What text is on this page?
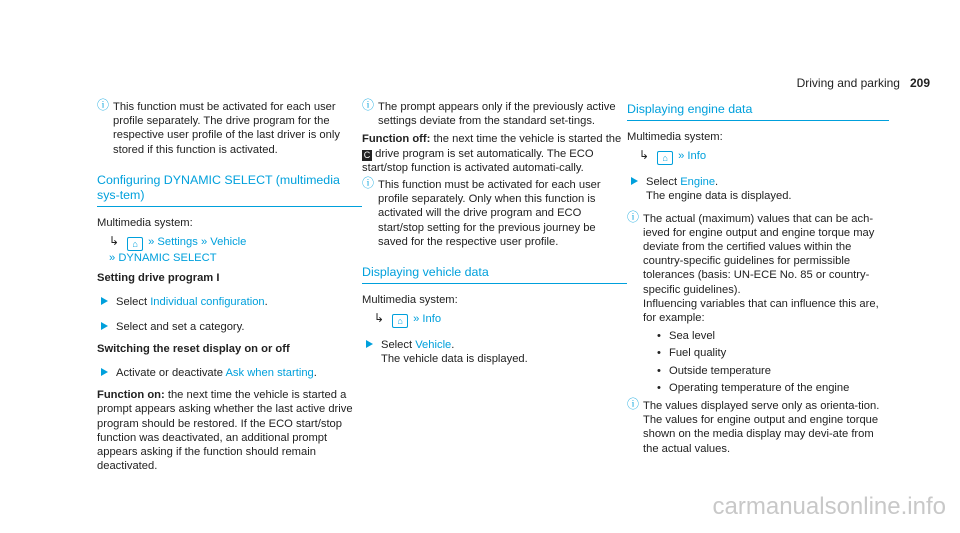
Driving and parking 209
ⓘ This function must be activated for each user profile separately. The drive program for the respective user profile of the last driver is only stored if this function is activated.
Configuring DYNAMIC SELECT (multimedia sys-tem)
Multimedia system:
↳ ⌂ » Settings » Vehicle
» DYNAMIC SELECT
Setting drive program I
Select Individual configuration.
Select and set a category.
Switching the reset display on or off
Activate or deactivate Ask when starting.
Function on: the next time the vehicle is started a prompt appears asking whether the last active drive program should be restored. If the ECO start/stop function was deactivated, an additional prompt appears asking if the function should remain deactivated.
ⓘ The prompt appears only if the previously active settings deviate from the standard set-tings.
Function off: the next time the vehicle is started the C drive program is set automatically. The ECO start/stop function is activated automati-cally.
ⓘ This function must be activated for each user profile separately. Only when this function is activated will the drive program and ECO start/stop setting for the previous journey be saved for the respective user profile.
Displaying vehicle data
Multimedia system:
↳ ⌂ » Info
Select Vehicle.
The vehicle data is displayed.
Displaying engine data
Multimedia system:
↳ ⌂ » Info
Select Engine.
The engine data is displayed.
ⓘ The actual (maximum) values that can be ach-ieved for engine output and engine torque may deviate from the certified values within the country-specific guidelines for permissible tolerances (basis: UN-ECE No. 85 or country-specific guidelines).
Influencing variables that can influence this are, for example:
• Sea level
• Fuel quality
• Outside temperature
• Operating temperature of the engine
ⓘ The values displayed serve only as orienta-tion. The values for engine output and engine torque shown on the media display may devi-ate from the actual values.
carmanualsonline.info
